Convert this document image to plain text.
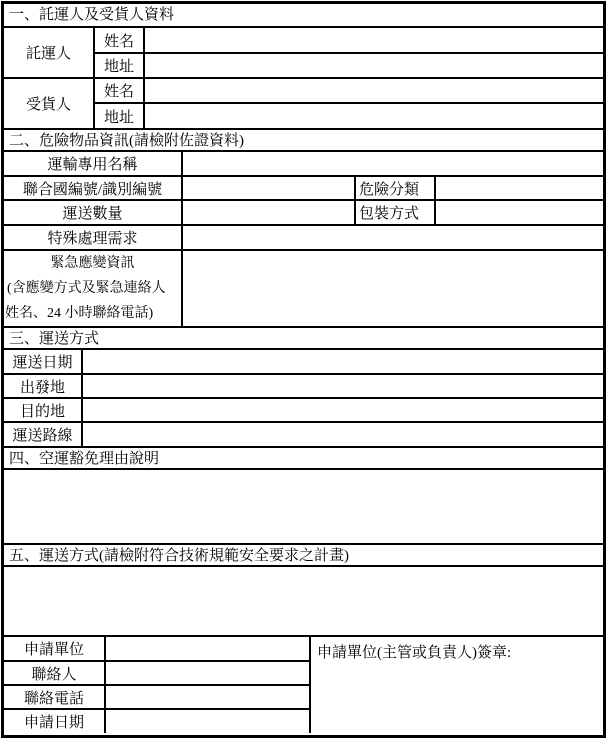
一、託運人及受貨人資料
託運人	姓名	
	地址	
受貨人	姓名	
	地址	
二、危險物品資訊(請檢附佐證資料)
運輸專用名稱			
聯合國編號/識別編號		危險分類	
運送數量		包裝方式	
特殊處理需求			

緊急應變資訊
(含應變方式及緊急連絡人
姓名、24 小時聯絡電話)			

三、運送方式
運送日期	
出發地	
目的地	
運送路線	
四、空運豁免理由說明
五、運送方式(請檢附符合技術規範安全要求之計畫)
申請單位		申請單位(主管或負責人)簽章:
聯絡人		
聯絡電話		
申請日期		
